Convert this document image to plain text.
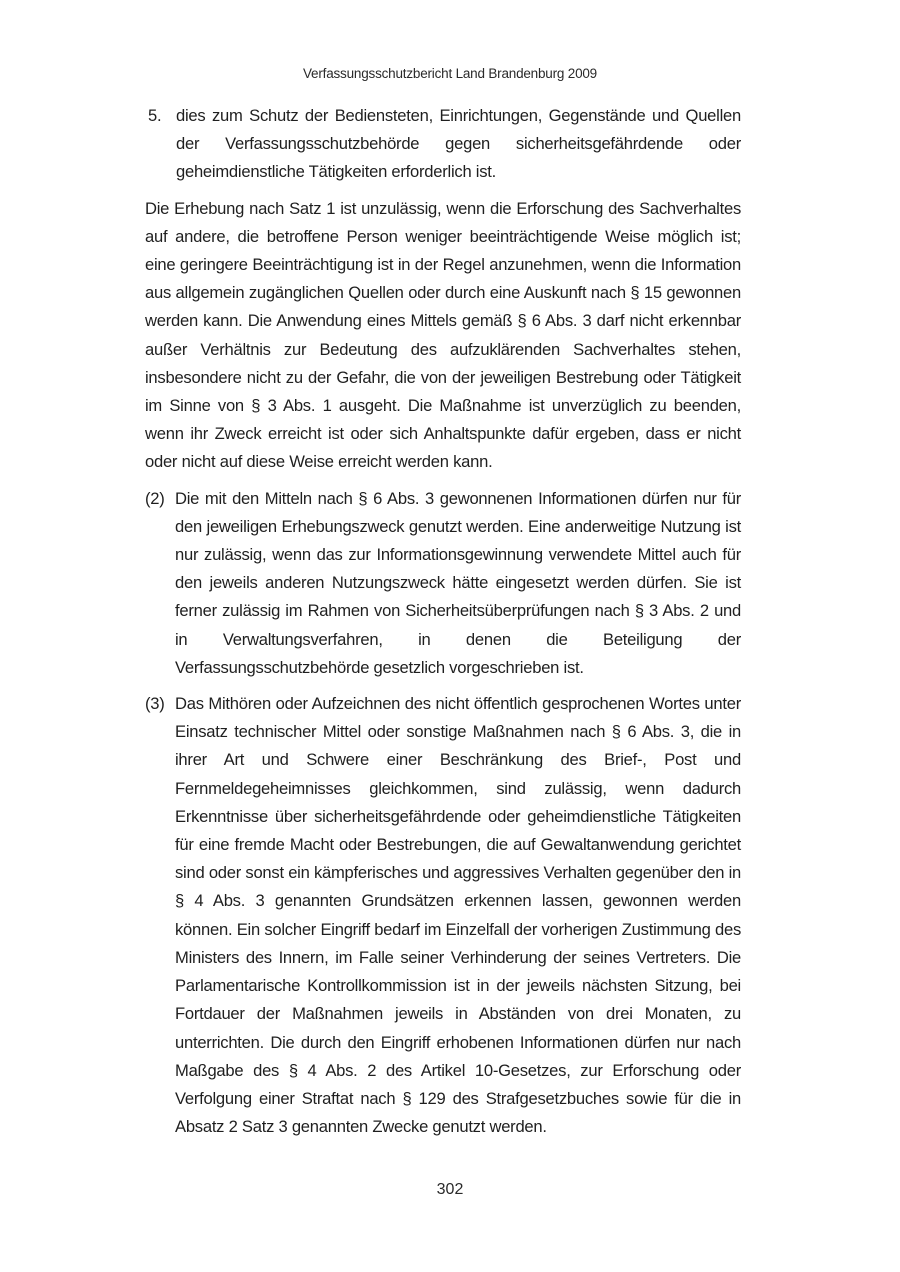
Verfassungsschutzbericht Land Brandenburg 2009
5. dies zum Schutz der Bediensteten, Einrichtungen, Gegenstände und Quellen der Verfassungsschutzbehörde gegen sicherheitsgefährdende oder geheimdienstliche Tätigkeiten erforderlich ist.

Die Erhebung nach Satz 1 ist unzulässig, wenn die Erforschung des Sachverhaltes auf andere, die betroffene Person weniger beeinträchtigende Weise möglich ist; eine geringere Beeinträchtigung ist in der Regel anzunehmen, wenn die Information aus allgemein zugänglichen Quellen oder durch eine Auskunft nach § 15 gewonnen werden kann. Die Anwendung eines Mittels gemäß § 6 Abs. 3 darf nicht erkennbar außer Verhältnis zur Bedeutung des aufzuklärenden Sachverhaltes stehen, insbesondere nicht zu der Gefahr, die von der jeweiligen Bestrebung oder Tätigkeit im Sinne von § 3 Abs. 1 ausgeht. Die Maßnahme ist unverzüglich zu beenden, wenn ihr Zweck erreicht ist oder sich Anhaltspunkte dafür ergeben, dass er nicht oder nicht auf diese Weise erreicht werden kann.

(2) Die mit den Mitteln nach § 6 Abs. 3 gewonnenen Informationen dürfen nur für den jeweiligen Erhebungszweck genutzt werden. Eine anderweitige Nutzung ist nur zulässig, wenn das zur Informationsgewinnung verwendete Mittel auch für den jeweils anderen Nutzungszweck hätte eingesetzt werden dürfen. Sie ist ferner zulässig im Rahmen von Sicherheitsüberprüfungen nach § 3 Abs. 2 und in Verwaltungsverfahren, in denen die Beteiligung der Verfassungsschutzbehörde gesetzlich vorgeschrieben ist.
(3) Das Mithören oder Aufzeichnen des nicht öffentlich gesprochenen Wortes unter Einsatz technischer Mittel oder sonstige Maßnahmen nach § 6 Abs. 3, die in ihrer Art und Schwere einer Beschränkung des Brief-, Post und Fernmeldegeheimnisses gleichkommen, sind zulässig, wenn dadurch Erkenntnisse über sicherheitsgefährdende oder geheimdienstliche Tätigkeiten für eine fremde Macht oder Bestrebungen, die auf Gewaltanwendung gerichtet sind oder sonst ein kämpferisches und aggressives Verhalten gegenüber den in § 4 Abs. 3 genannten Grundsätzen erkennen lassen, gewonnen werden können. Ein solcher Eingriff bedarf im Einzelfall der vorherigen Zustimmung des Ministers des Innern, im Falle seiner Verhinderung der seines Vertreters. Die Parlamentarische Kontrollkommission ist in der jeweils nächsten Sitzung, bei Fortdauer der Maßnahmen jeweils in Abständen von drei Monaten, zu unterrichten. Die durch den Eingriff erhobenen Informationen dürfen nur nach Maßgabe des § 4 Abs. 2 des Artikel 10-Gesetzes, zur Erforschung oder Verfolgung einer Straftat nach § 129 des Strafgesetzbuches sowie für die in Absatz 2 Satz 3 genannten Zwecke genutzt werden.
302
